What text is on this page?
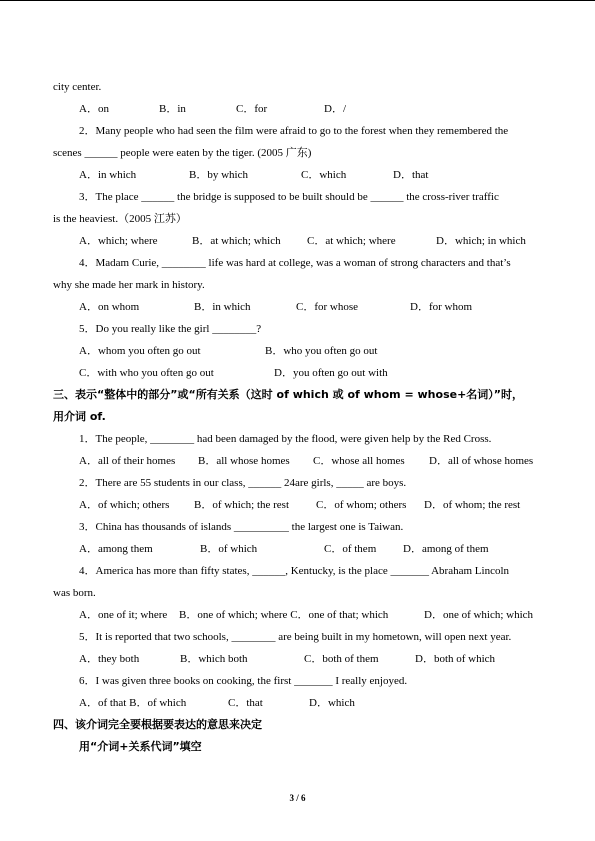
city center.
A．on	B．in	C．for	D．/
2．Many people who had seen the film were afraid to go to the forest when they remembered the
scenes ______ people were eaten by the tiger. (2005 广东)
A．in which	B．by which	C．which	D．that
3．The place ______ the bridge is supposed to be built should be ______ the cross-river traffic
is the heaviest.（2005 江苏）
A．which; where	B．at which; which C．at which; where	D．which; in which
4．Madam Curie, ________ life was hard at college, was a woman of strong characters and that’s
why she made her mark in history.
A．on whom	B．in which	C．for whose	D．for whom
5．Do you really like the girl ________?
A．whom you often go out	B．who you often go out
C．with who you often go out	D．you often go out with
三、表示“整体中的部分”或“所有关系（这时 of which 或 of whom = whose+名词）”时，
用介词 of.
1．The people, ________ had been damaged by the flood, were given help by the Red Cross.
A．all of their homes B．all whose homes C．whose all homes D．all of whose homes
2．There are 55 students in our class, ______ 24are girls, _____ are boys.
A．of which; others B．of which; the rest C．of whom; others D．of whom; the rest
3．China has thousands of islands __________ the largest one is Taiwan.
A．among them	B．of which	C．of them D．among of them
4．America has more than fifty states, ______, Kentucky, is the place _______ Abraham Lincoln
was born.
A．one of it; where B．one of which; where C．one of that; which	D．one of which; which
5．It is reported that two schools, ________ are being built in my hometown, will open next year.
A．they both	B．which both	C．both of them	D．both of which
6．I was given three books on cooking, the first _______ I really enjoyed.
A．of that B．of which	C．that	D．which
四、该介词完全要根据要表达的意思来决定
用“介词+关系代词”填空
3 / 6
